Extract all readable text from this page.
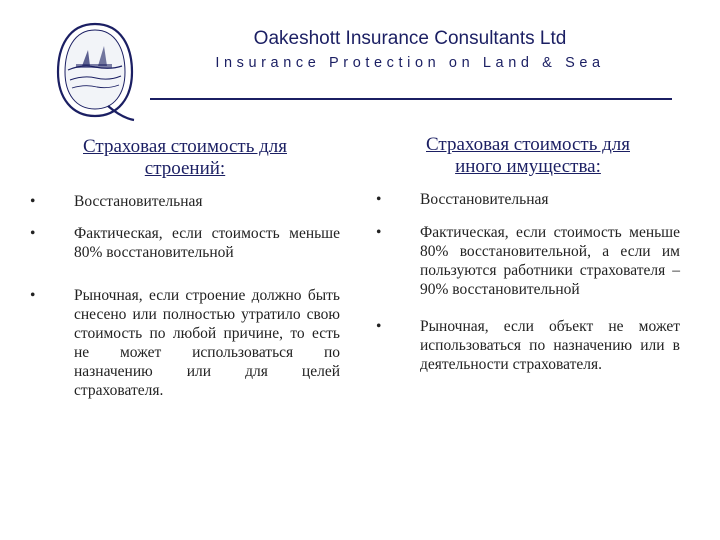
Oakeshott Insurance Consultants Ltd
Insurance Protection on Land & Sea
Страховая стоимость для
строений:
• Восстановительная
• Фактическая, если стоимость меньше 80% восстановительной
• Рыночная, если строение должно быть снесено или полностью утратило свою стоимость по любой причине, то есть не может использоваться по назначению или для целей страхователя.
Страховая стоимость для
иного имущества:
• Восстановительная
• Фактическая, если стоимость меньше 80% восстановительной, а если им пользуются работники страхователя – 90% восстановительной
• Рыночная, если объект не может использоваться по назначению или в деятельности страхователя.
